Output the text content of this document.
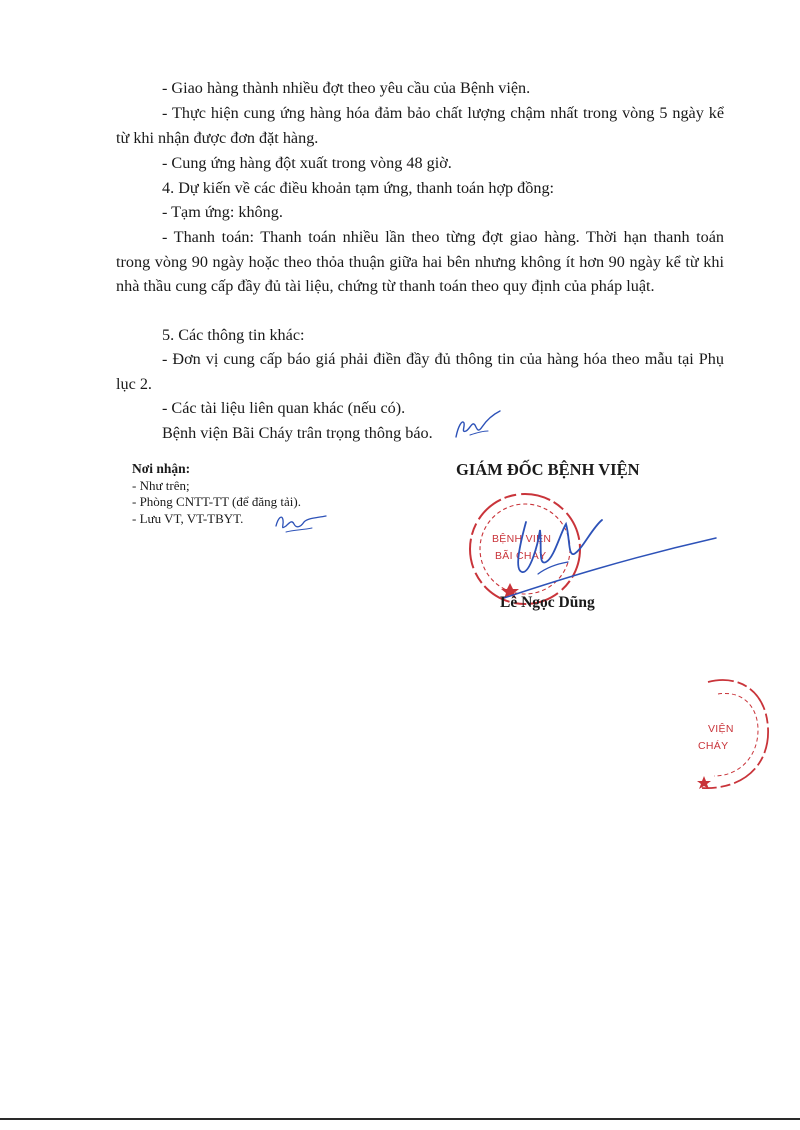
- Giao hàng thành nhiều đợt theo yêu cầu của Bệnh viện.
- Thực hiện cung ứng hàng hóa đảm bảo chất lượng chậm nhất trong vòng 5 ngày kể từ khi nhận được đơn đặt hàng.
- Cung ứng hàng đột xuất trong vòng 48 giờ.
4. Dự kiến về các điều khoản tạm ứng, thanh toán hợp đồng:
- Tạm ứng: không.
- Thanh toán: Thanh toán nhiều lần theo từng đợt giao hàng. Thời hạn thanh toán trong vòng 90 ngày hoặc theo thỏa thuận giữa hai bên nhưng không ít hơn 90 ngày kể từ khi nhà thầu cung cấp đầy đủ tài liệu, chứng từ thanh toán theo quy định của pháp luật.
5. Các thông tin khác:
- Đơn vị cung cấp báo giá phải điền đầy đủ thông tin của hàng hóa theo mẫu tại Phụ lục 2.
- Các tài liệu liên quan khác (nếu có).
Bệnh viện Bãi Cháy trân trọng thông báo.
Nơi nhận:
- Như trên;
- Phòng CNTT-TT (để đăng tải).
- Lưu VT, VT-TBYT.
GIÁM ĐỐC BỆNH VIỆN
BỆNH VIỆN
BÃI CHÁY
Lê Ngọc Dũng
VIỆN
CHÁY
